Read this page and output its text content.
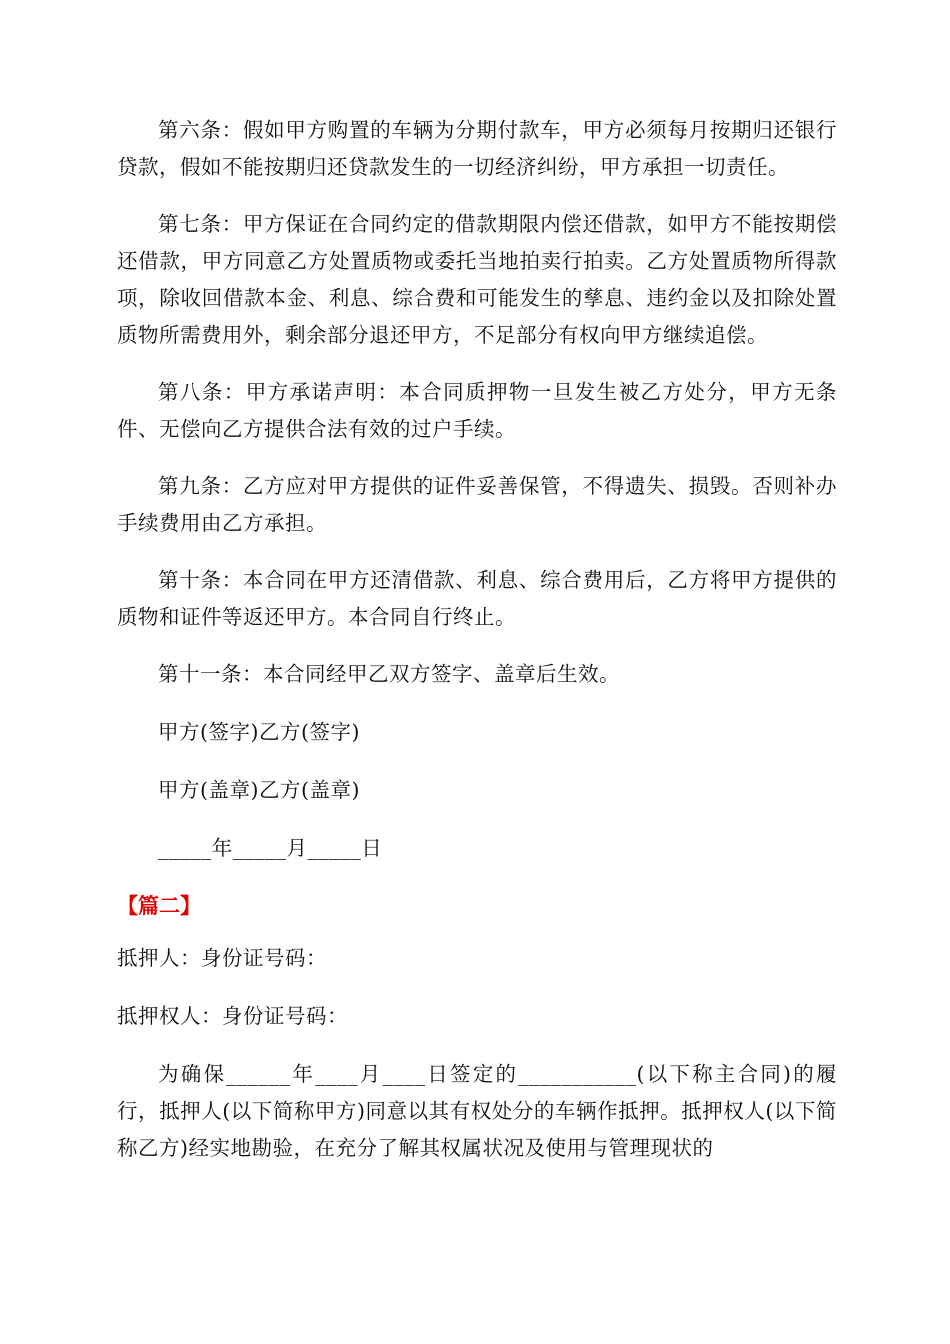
第六条：假如甲方购置的车辆为分期付款车，甲方必须每月按期归还银行贷款，假如不能按期归还贷款发生的一切经济纠纷，甲方承担一切责任。

第七条：甲方保证在合同约定的借款期限内偿还借款，如甲方不能按期偿还借款，甲方同意乙方处置质物或委托当地拍卖行拍卖。乙方处置质物所得款项，除收回借款本金、利息、综合费和可能发生的孳息、违约金以及扣除处置质物所需费用外，剩余部分退还甲方，不足部分有权向甲方继续追偿。

第八条：甲方承诺声明：本合同质押物一旦发生被乙方处分，甲方无条件、无偿向乙方提供合法有效的过户手续。

第九条：乙方应对甲方提供的证件妥善保管，不得遗失、损毁。否则补办手续费用由乙方承担。

第十条：本合同在甲方还清借款、利息、综合费用后，乙方将甲方提供的质物和证件等返还甲方。本合同自行终止。

第十一条：本合同经甲乙双方签字、盖章后生效。

甲方(签字)乙方(签字)

甲方(盖章)乙方(盖章)

_____年_____月_____日

【篇二】

抵押人：身份证号码：

抵押权人：身份证号码：

为确保______年____月____日签定的___________(以下称主合同)的履行，抵押人(以下简称甲方)同意以其有权处分的车辆作抵押。抵押权人(以下简称乙方)经实地勘验，在充分了解其权属状况及使用与管理现状的
